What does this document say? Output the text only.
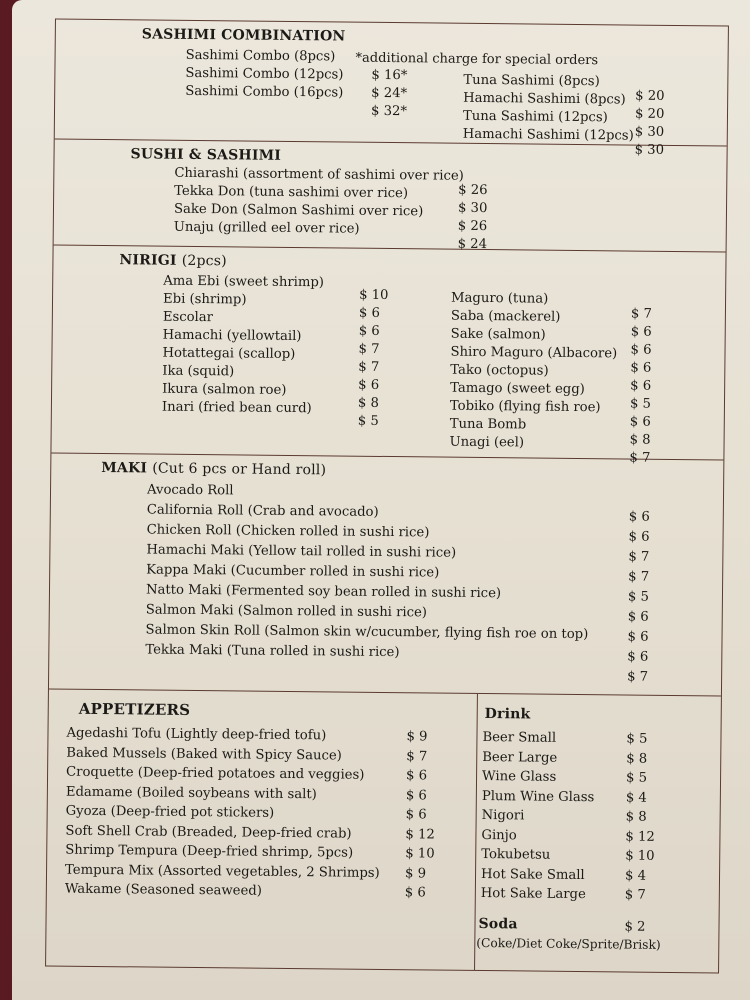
SASHIMI COMBINATION
*additional charge for special orders
Sashimi Combo (8pcs)
Sashimi Combo (12pcs)
Sashimi Combo (16pcs)
$ 16*
$ 24*
$ 32*
Tuna Sashimi (8pcs)
Hamachi Sashimi (8pcs)
Tuna Sashimi (12pcs)
Hamachi Sashimi (12pcs)
$ 20
$ 20
$ 30
$ 30
SUSHI & SASHIMI
Chiarashi (assortment of sashimi over rice)
Tekka Don (tuna sashimi over rice)
Sake Don (Salmon Sashimi over rice)
Unaju (grilled eel over rice)
$ 26
$ 30
$ 26
$ 24
NIRIGI (2pcs)
Ama Ebi (sweet shrimp)
Ebi (shrimp)
Escolar
Hamachi (yellowtail)
Hotattegai (scallop)
Ika (squid)
Ikura (salmon roe)
Inari (fried bean curd)
$ 10
$ 6
$ 6
$ 7
$ 7
$ 6
$ 8
$ 5
Maguro (tuna)
Saba (mackerel)
Sake (salmon)
Shiro Maguro (Albacore)
Tako (octopus)
Tamago (sweet egg)
Tobiko (flying fish roe)
Tuna Bomb
Unagi (eel)
$ 7
$ 6
$ 6
$ 6
$ 6
$ 5
$ 6
$ 8
$ 7
MAKI (Cut 6 pcs or Hand roll)
Avocado Roll
California Roll (Crab and avocado)
Chicken Roll (Chicken rolled in sushi rice)
Hamachi Maki (Yellow tail rolled in sushi rice)
Kappa Maki (Cucumber rolled in sushi rice)
Natto Maki (Fermented soy bean rolled in sushi rice)
Salmon Maki (Salmon rolled in sushi rice)
Salmon Skin Roll (Salmon skin w/cucumber, flying fish roe on top)
Tekka Maki (Tuna rolled in sushi rice)
$ 6
$ 6
$ 7
$ 7
$ 5
$ 6
$ 6
$ 6
$ 7
APPETIZERS
Agedashi Tofu (Lightly deep-fried tofu)
Baked Mussels (Baked with Spicy Sauce)
Croquette (Deep-fried potatoes and veggies)
Edamame (Boiled soybeans with salt)
Gyoza (Deep-fried pot stickers)
Soft Shell Crab (Breaded, Deep-fried crab)
Shrimp Tempura (Deep-fried shrimp, 5pcs)
Tempura Mix (Assorted vegetables, 2 Shrimps)
Wakame (Seasoned seaweed)
$ 9
$ 7
$ 6
$ 6
$ 6
$ 12
$ 10
$ 9
$ 6
Drink
Beer Small
Beer Large
Wine Glass
Plum Wine Glass
Nigori
Ginjo
Tokubetsu
Hot Sake Small
Hot Sake Large
$ 5
$ 8
$ 5
$ 4
$ 8
$ 12
$ 10
$ 4
$ 7
Soda	$ 2
(Coke/Diet Coke/Sprite/Brisk)
